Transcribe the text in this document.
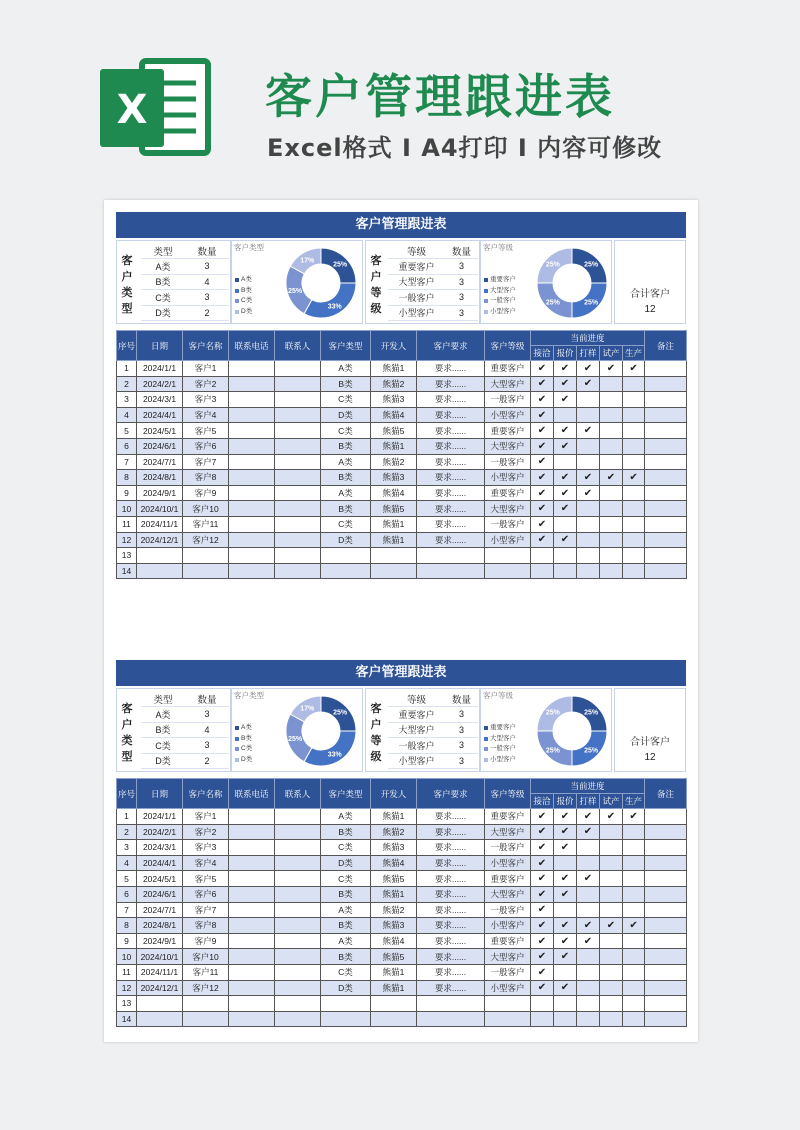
X	客户管理跟进表
Excel格式 I A4打印 I 内容可修改
客户管理跟进表
客
户
类
型
类型	数量
A类	3
B类	4
C类	3
D类	2
客户类型
A类
B类
C类
D类
25%
33%
25%
17%	客
户
等
级
等级	数量
重要客户	3
大型客户	3
一般客户	3
小型客户	3
客户等级
重要客户
大型客户
一般客户
小型客户
25%
25%
25%
25%
合计客户
12
序号	日期	客户名称	联系电话	联系人	客户类型	开发人	客户要求	客户等级	当前进度					备注
									接洽	报价	打样	试产	生产	
1	2024/1/1	客户1			A类	熊猫1	要求......	重要客户	✔	✔	✔	✔	✔	
2	2024/2/1	客户2			B类	熊猫2	要求......	大型客户	✔	✔	✔			
3	2024/3/1	客户3			C类	熊猫3	要求......	一般客户	✔	✔				
4	2024/4/1	客户4			D类	熊猫4	要求......	小型客户	✔					
5	2024/5/1	客户5			C类	熊猫5	要求......	重要客户	✔	✔	✔			
6	2024/6/1	客户6			B类	熊猫1	要求......	大型客户	✔	✔				
7	2024/7/1	客户7			A类	熊猫2	要求......	一般客户	✔					
8	2024/8/1	客户8			B类	熊猫3	要求......	小型客户	✔	✔	✔	✔	✔	
9	2024/9/1	客户9			A类	熊猫4	要求......	重要客户	✔	✔	✔			
10	2024/10/1	客户10			B类	熊猫5	要求......	大型客户	✔	✔				
11	2024/11/1	客户11			C类	熊猫1	要求......	一般客户	✔					
12	2024/12/1	客户12			D类	熊猫1	要求......	小型客户	✔	✔				
13														
14														
客户管理跟进表
客
户
类
型
类型	数量
A类	3
B类	4
C类	3
D类	2
客户类型
A类
B类
C类
D类
25%
33%
25%
17%	客
户
等
级
等级	数量
重要客户	3
大型客户	3
一般客户	3
小型客户	3
客户等级
重要客户
大型客户
一般客户
小型客户
25%
25%
25%
25%
合计客户
12
序号	日期	客户名称	联系电话	联系人	客户类型	开发人	客户要求	客户等级	当前进度					备注
									接洽	报价	打样	试产	生产	
1	2024/1/1	客户1			A类	熊猫1	要求......	重要客户	✔	✔	✔	✔	✔	
2	2024/2/1	客户2			B类	熊猫2	要求......	大型客户	✔	✔	✔			
3	2024/3/1	客户3			C类	熊猫3	要求......	一般客户	✔	✔				
4	2024/4/1	客户4			D类	熊猫4	要求......	小型客户	✔					
5	2024/5/1	客户5			C类	熊猫5	要求......	重要客户	✔	✔	✔			
6	2024/6/1	客户6			B类	熊猫1	要求......	大型客户	✔	✔				
7	2024/7/1	客户7			A类	熊猫2	要求......	一般客户	✔					
8	2024/8/1	客户8			B类	熊猫3	要求......	小型客户	✔	✔	✔	✔	✔	
9	2024/9/1	客户9			A类	熊猫4	要求......	重要客户	✔	✔	✔			
10	2024/10/1	客户10			B类	熊猫5	要求......	大型客户	✔	✔				
11	2024/11/1	客户11			C类	熊猫1	要求......	一般客户	✔					
12	2024/12/1	客户12			D类	熊猫1	要求......	小型客户	✔	✔				
13														
14														
